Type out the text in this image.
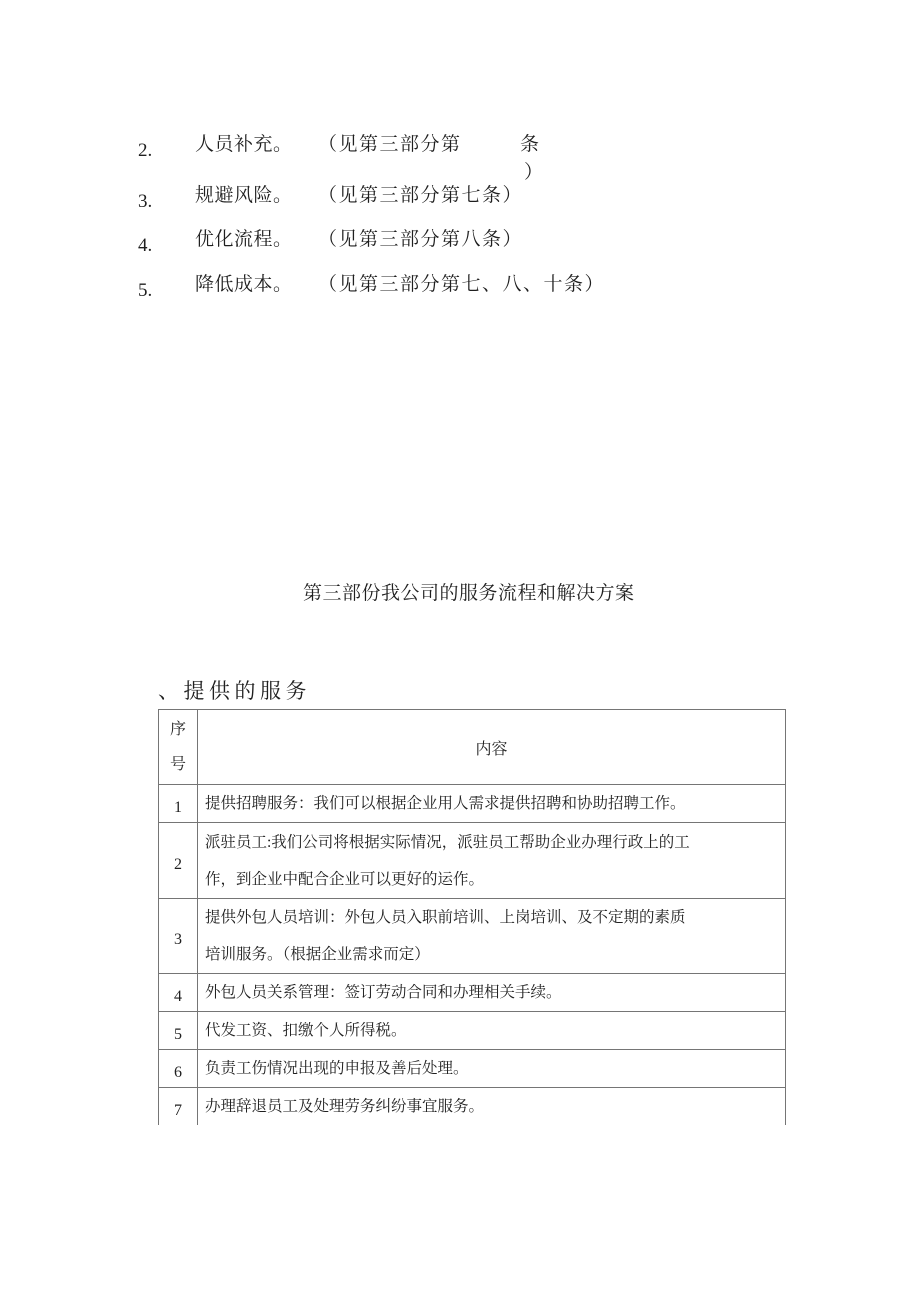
2. 人员补充。 （见第三部分第	条
）
3. 规避风险。 （见第三部分第七条）
4. 优化流程。 （见第三部分第八条）
5. 降低成本。 （见第三部分第七、八、十条）
第三部份我公司的服务流程和解决方案
、提供的服务
序
号	内容
1	提供招聘服务：我们可以根据企业用人需求提供招聘和协助招聘工作。

2	派驻员工:我们公司将根据实际情况，派驻员工帮助企业办理行政上的工
作，到企业中配合企业可以更好的运作。

3	提供外包人员培训：外包人员入职前培训、上岗培训、及不定期的素质
培训服务。（根据企业需求而定）

4	外包人员关系管理：签订劳动合同和办理相关手续。

5	代发工资、扣缴个人所得税。

6	负责工伤情况出现的申报及善后处理。

7	办理辞退员工及处理劳务纠纷事宜服务。
